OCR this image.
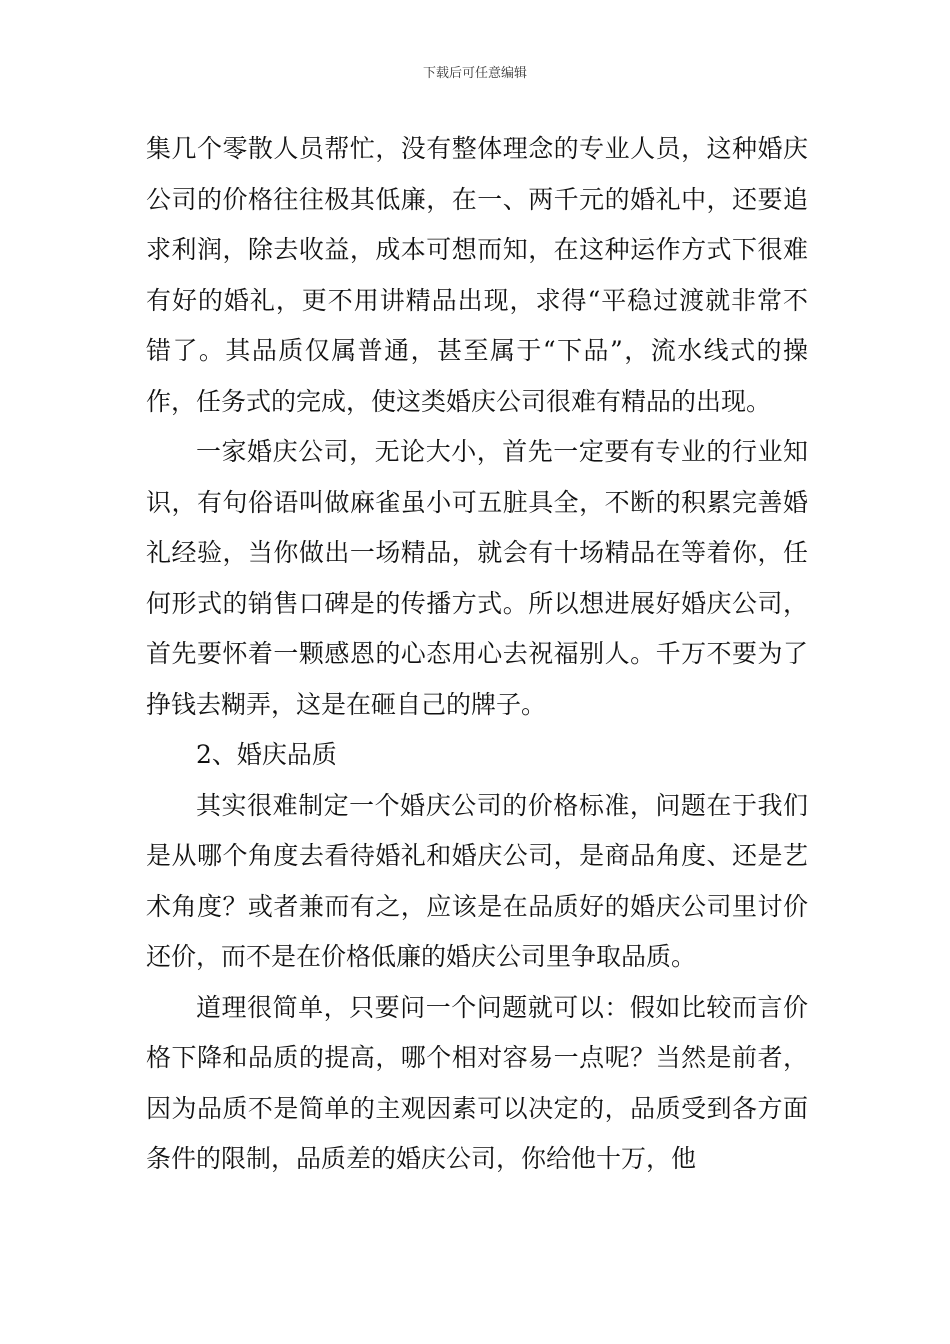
下载后可任意编辑

集几个零散人员帮忙，没有整体理念的专业人员，这种婚庆公司的价格往往极其低廉，在一、两千元的婚礼中，还要追求利润，除去收益，成本可想而知，在这种运作方式下很难有好的婚礼，更不用讲精品出现，求得“平稳过渡就非常不错了。其品质仅属普通，甚至属于“下品”，流水线式的操作，任务式的完成，使这类婚庆公司很难有精品的出现。

一家婚庆公司，无论大小，首先一定要有专业的行业知识，有句俗语叫做麻雀虽小可五脏具全，不断的积累完善婚礼经验，当你做出一场精品，就会有十场精品在等着你，任何形式的销售口碑是的传播方式。所以想进展好婚庆公司，首先要怀着一颗感恩的心态用心去祝福别人。千万不要为了挣钱去糊弄，这是在砸自己的牌子。

2、婚庆品质

其实很难制定一个婚庆公司的价格标准，问题在于我们是从哪个角度去看待婚礼和婚庆公司，是商品角度、还是艺术角度？或者兼而有之，应该是在品质好的婚庆公司里讨价还价，而不是在价格低廉的婚庆公司里争取品质。

道理很简单，只要问一个问题就可以：假如比较而言价格下降和品质的提高，哪个相对容易一点呢？当然是前者，因为品质不是简单的主观因素可以决定的，品质受到各方面条件的限制，品质差的婚庆公司，你给他十万，他
